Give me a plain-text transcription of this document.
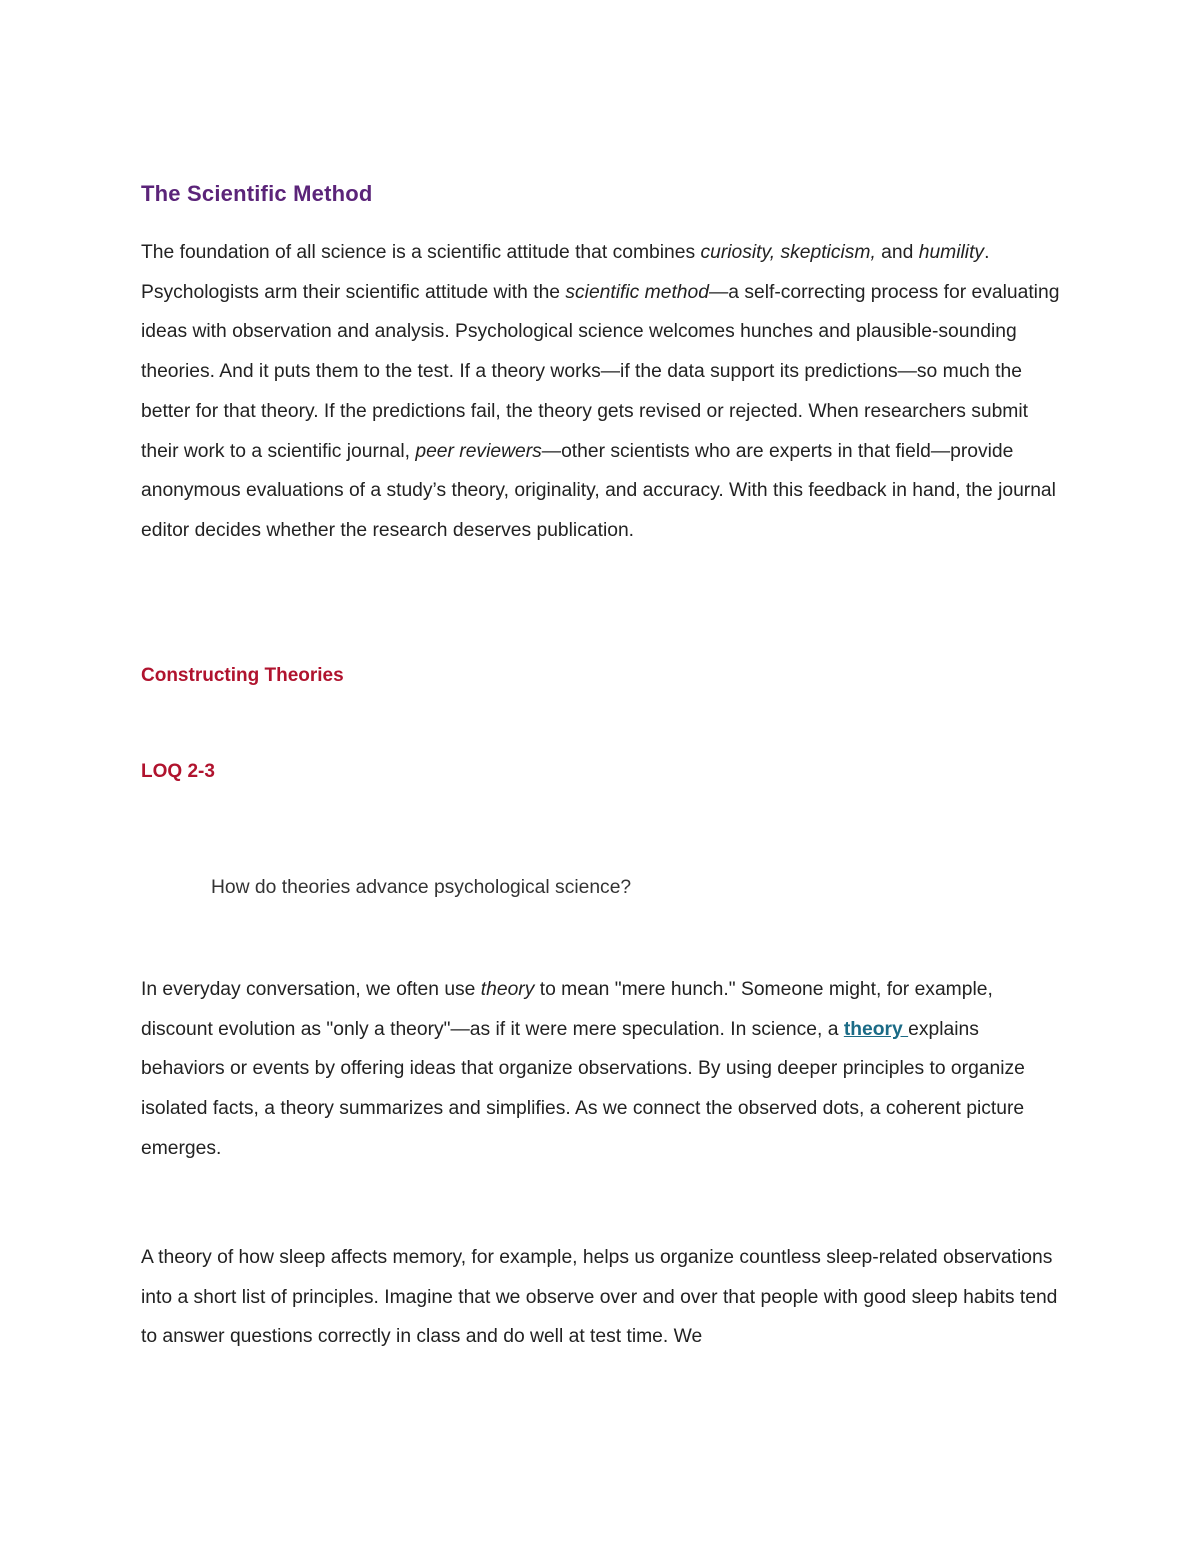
The Scientific Method

The foundation of all science is a scientific attitude that combines curiosity, skepticism, and humility. Psychologists arm their scientific attitude with the scientific method—a self-correcting process for evaluating ideas with observation and analysis. Psychological science welcomes hunches and plausible-sounding theories. And it puts them to the test. If a theory works—if the data support its predictions—so much the better for that theory. If the predictions fail, the theory gets revised or rejected. When researchers submit their work to a scientific journal, peer reviewers—other scientists who are experts in that field—provide anonymous evaluations of a study’s theory, originality, and accuracy. With this feedback in hand, the journal editor decides whether the research deserves publication.

Constructing Theories
LOQ 2-3

How do theories advance psychological science?

In everyday conversation, we often use theory to mean "mere hunch." Someone might, for example, discount evolution as "only a theory"—as if it were mere speculation. In science, a theory explains behaviors or events by offering ideas that organize observations. By using deeper principles to organize isolated facts, a theory summarizes and simplifies. As we connect the observed dots, a coherent picture emerges.

A theory of how sleep affects memory, for example, helps us organize countless sleep-related observations into a short list of principles. Imagine that we observe over and over that people with good sleep habits tend to answer questions correctly in class and do well at test time. We
